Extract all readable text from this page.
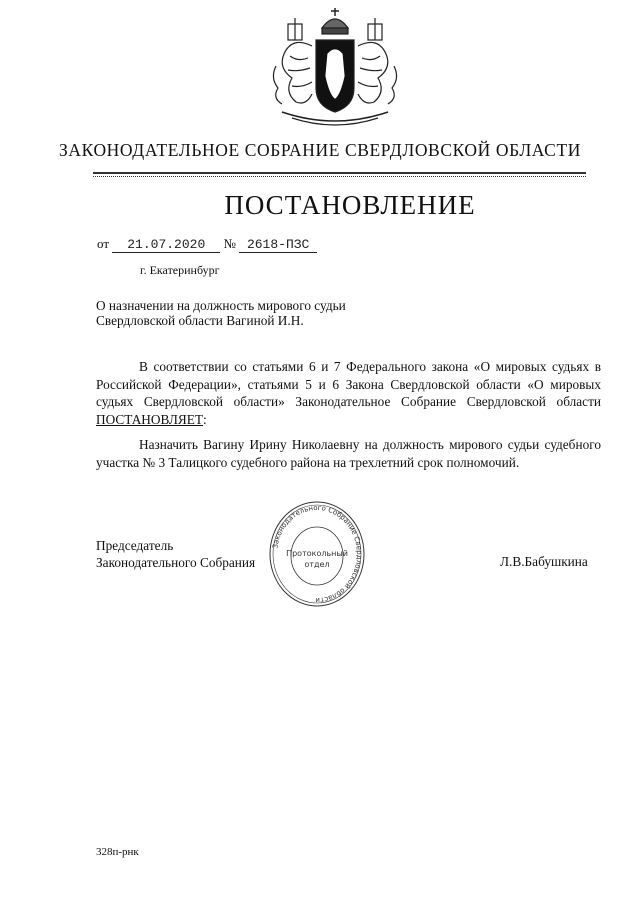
ЗАКОНОДАТЕЛЬНОЕ СОБРАНИЕ СВЕРДЛОВСКОЙ ОБЛАСТИ
ПОСТАНОВЛЕНИЕ
от 21.07.2020 № 2618-ПЗС
г. Екатеринбург
О назначении на должность мирового судьи Свердловской области Вагиной И.Н.
В соответствии со статьями 6 и 7 Федерального закона «О мировых судьях в Российской Федерации», статьями 5 и 6 Закона Свердловской области «О мировых судьях Свердловской области» Законодательное Собрание Свердловской области ПОСТАНОВЛЯЕТ:
Назначить Вагину Ирину Николаевну на должность мирового судьи судебного участка № 3 Талицкого судебного района на трехлетний срок полномочий.
Председатель
Законодательного Собрания
Законодательного Собрание Свердловской области
Протокольный
отдел	Л.В.Бабушкина
328п-рнк
